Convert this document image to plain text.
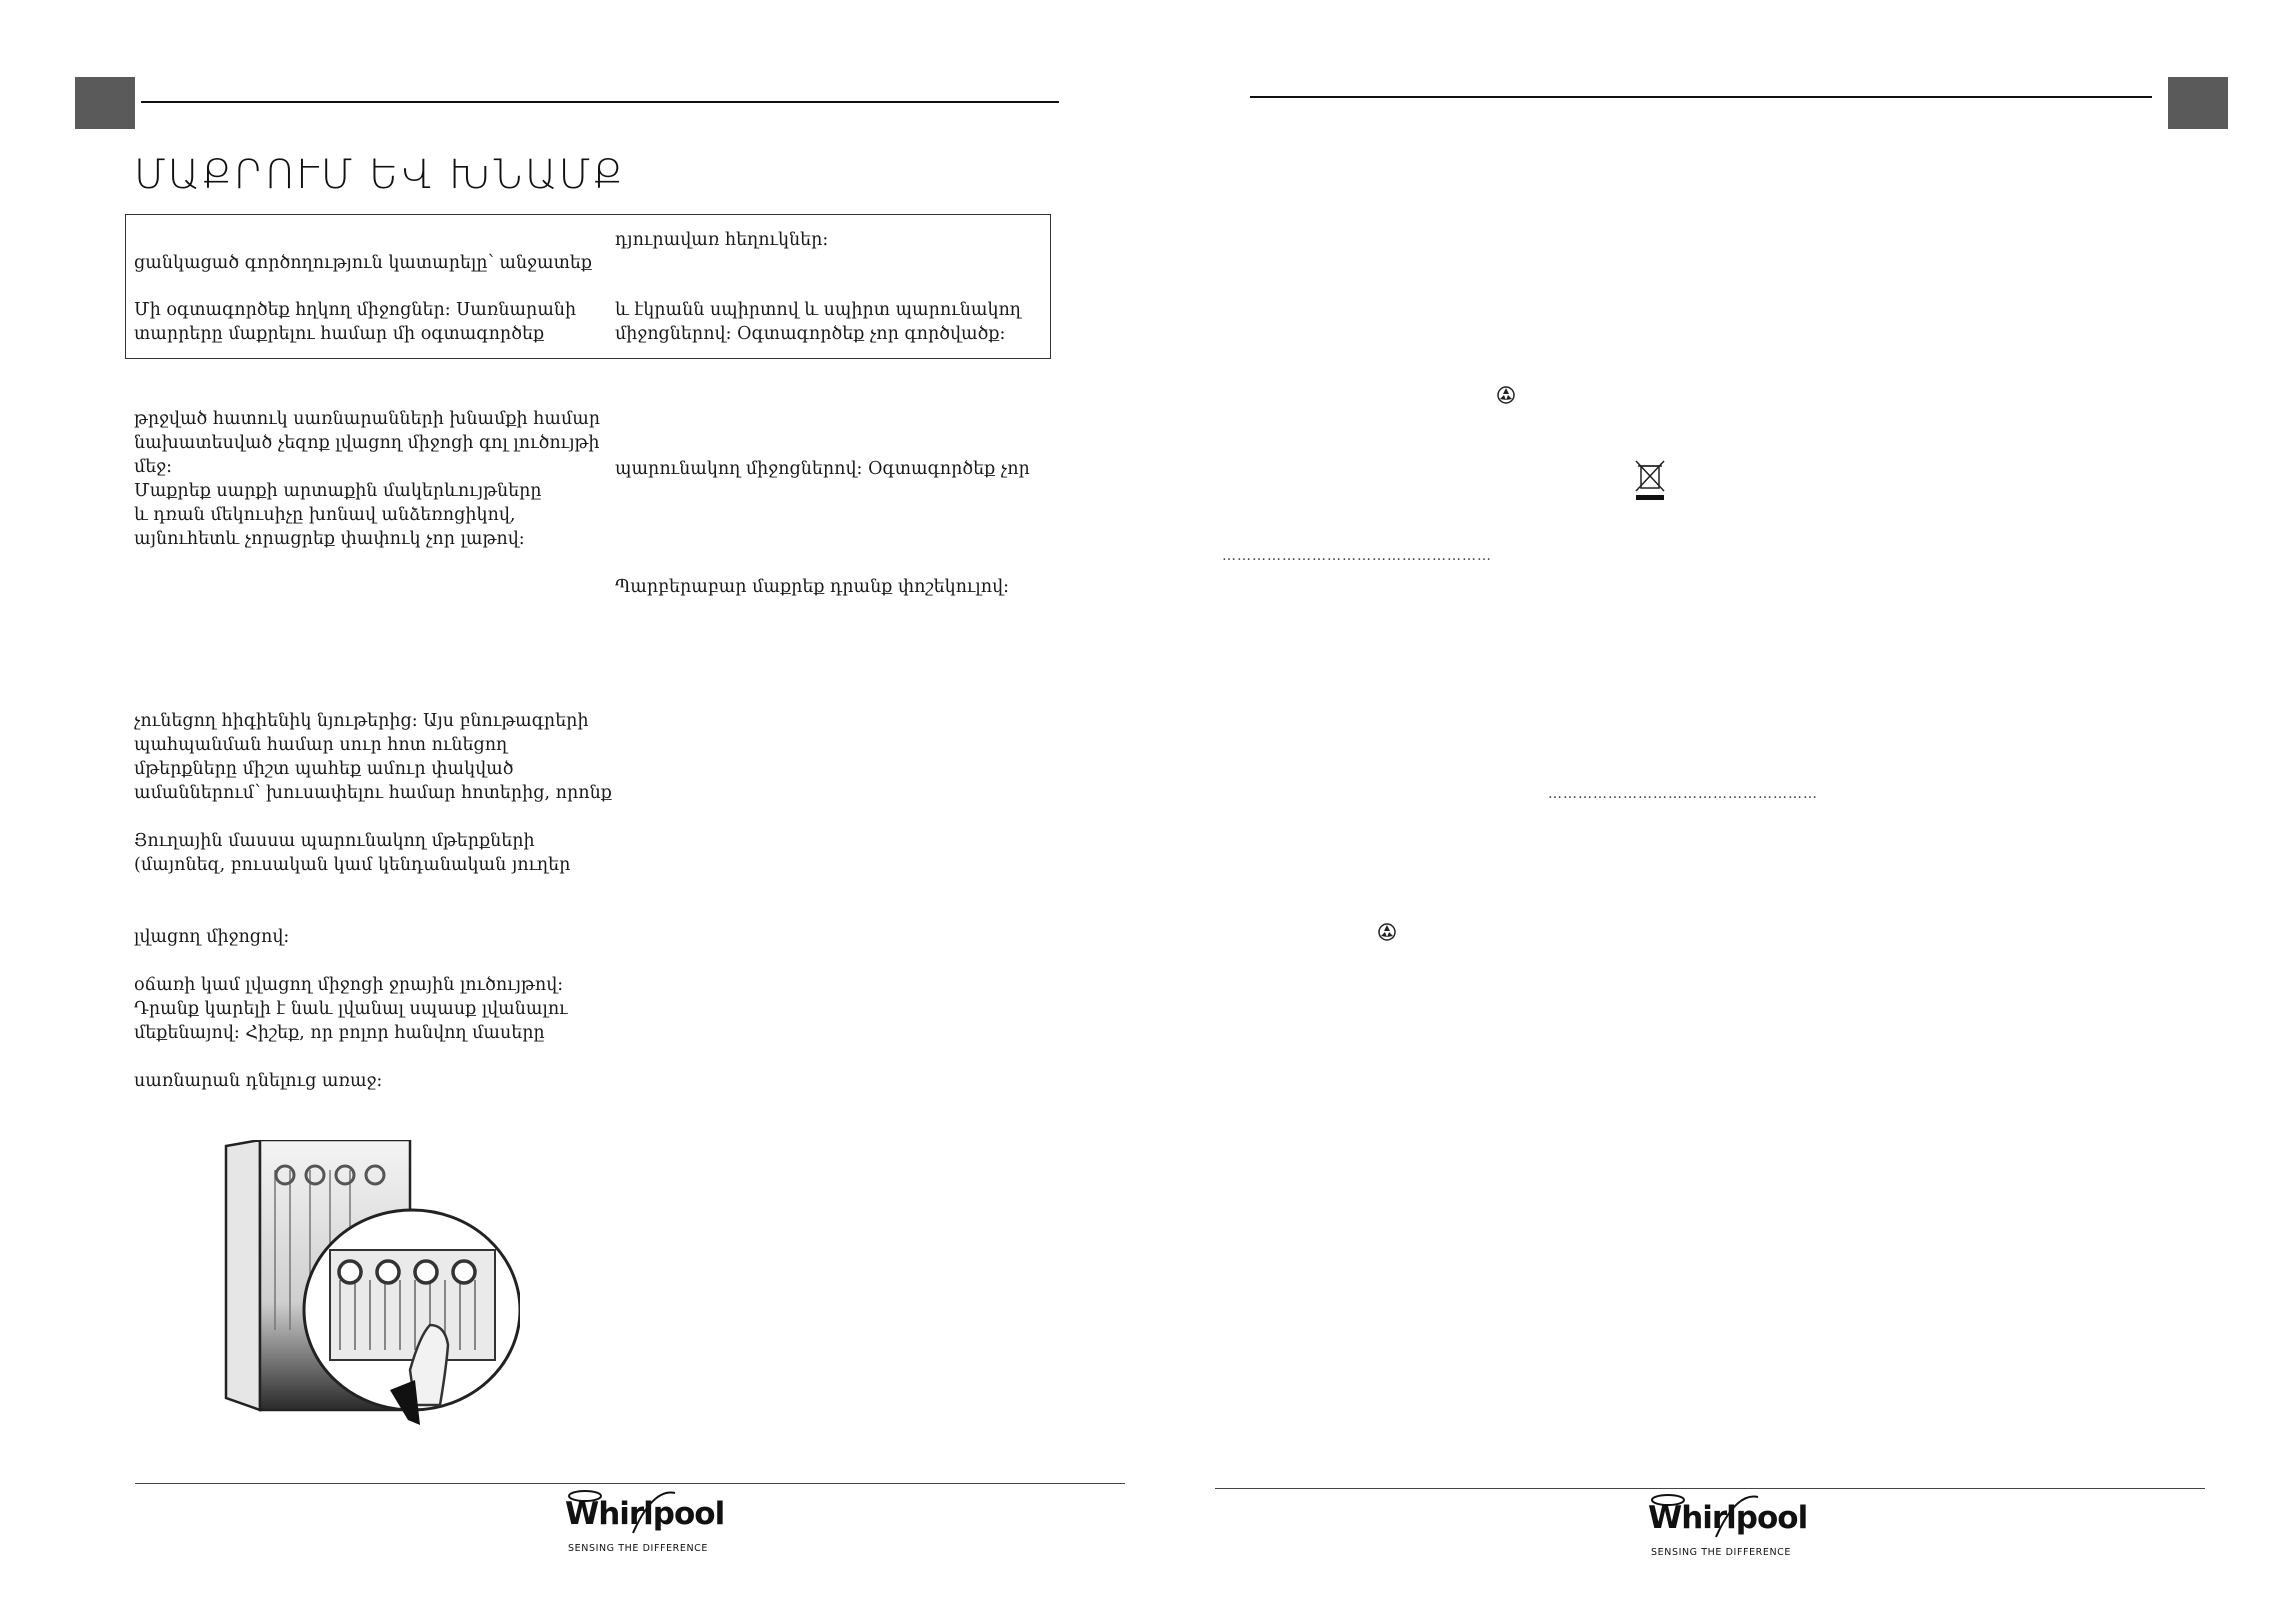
ՄԱՔՐՈՒՄ ԵՎ ԽՆԱՄՔ
ցանկացած գործողություն կատարելը՝ անջատեք
Մի օգտագործեք հղկող միջոցներ: Սառնարանի
տարրերը մաքրելու համար մի օգտագործեք
դյուրավառ հեղուկներ:
և էկրանն սպիրտով և սպիրտ պարունակող
միջոցներով: Օգտագործեք չոր գործվածք:
թրջված հատուկ սառնարանների խնամքի համար
նախատեսված չեզոք լվացող միջոցի գոլ լուծույթի
մեջ:
Մաքրեք սարքի արտաքին մակերևույթները
և դռան մեկուսիչը խոնավ անձեռոցիկով,
այնուհետև չորացրեք փափուկ չոր լաթով:
չունեցող հիգիենիկ նյութերից: Այս բնութագրերի
պահպանման համար սուր հոտ ունեցող
մթերքները միշտ պահեք ամուր փակված
ամաններում՝ խուսափելու համար հոտերից, որոնք
Յուղային մասսա պարունակող մթերքների
(մայոնեզ, բուսական կամ կենդանական յուղեր
լվացող միջոցով:
օճառի կամ լվացող միջոցի ջրային լուծույթով:
Դրանք կարելի է նաև լվանալ սպասք լվանալու
մեքենայով: Հիշեք, որ բոլոր հանվող մասերը
սառնարան դնելուց առաջ:
պարունակող միջոցներով: Օգտագործեք չոր
Պարբերաբար մաքրեք դրանք փոշեկուլով:
Whirlpool
SENSING THE DIFFERENCE
………………………………………………
………………………………………………
Whirlpool
SENSING THE DIFFERENCE
